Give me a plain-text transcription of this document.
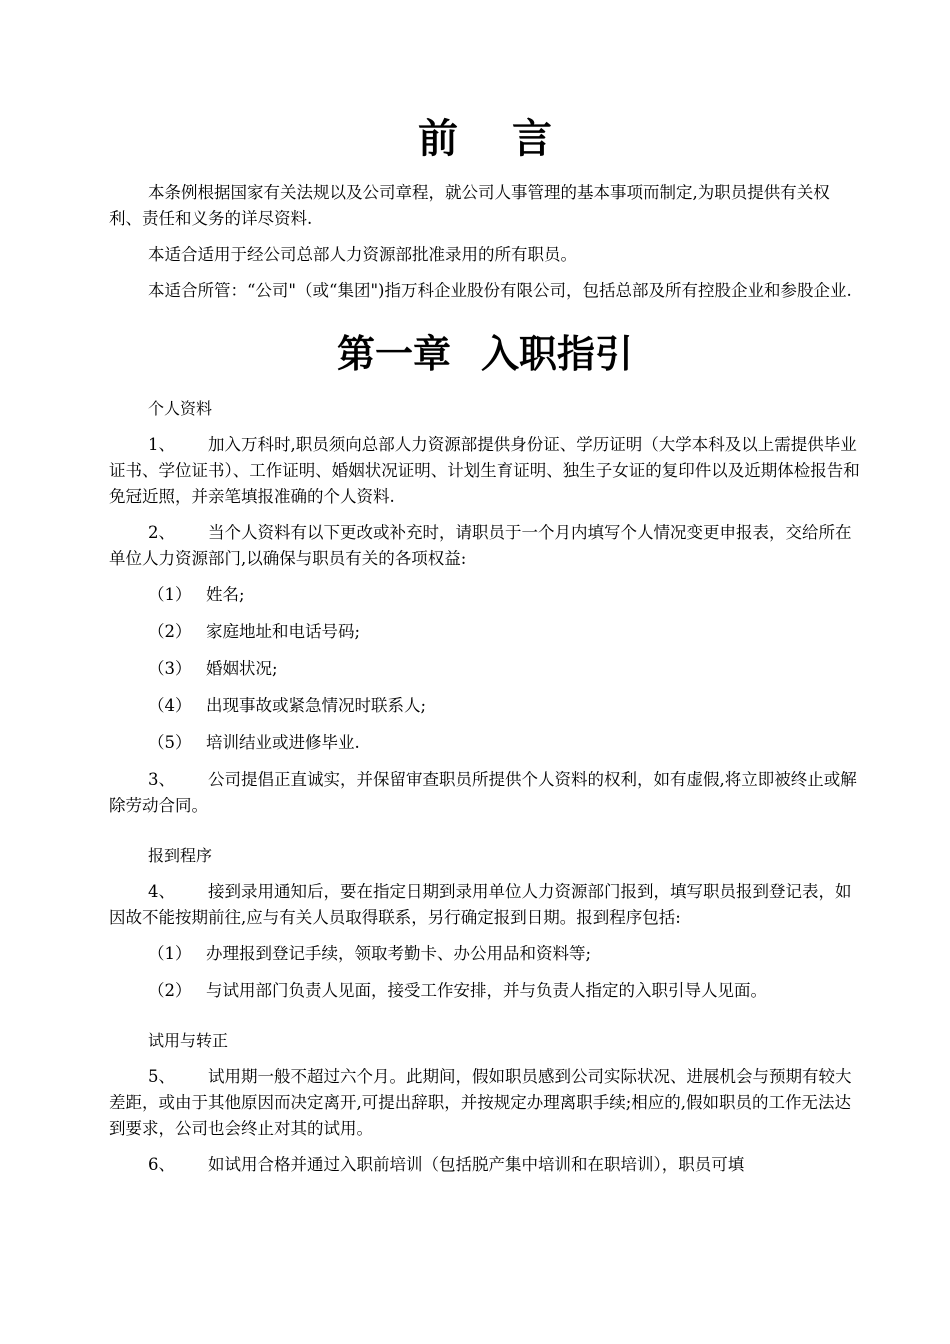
前 言

本条例根据国家有关法规以及公司章程，就公司人事管理的基本事项而制定,为职员提供有关权利、责任和义务的详尽资料.

本适合适用于经公司总部人力资源部批准录用的所有职员。

本适合所管：“公司"（或“集团")指万科企业股份有限公司，包括总部及所有控股企业和参股企业.

第一章 入职指引

个人资料

1、 加入万科时,职员须向总部人力资源部提供身份证、学历证明（大学本科及以上需提供毕业证书、学位证书）、工作证明、婚姻状况证明、计划生育证明、独生子女证的复印件以及近期体检报告和免冠近照，并亲笔填报准确的个人资料.

2、 当个人资料有以下更改或补充时，请职员于一个月内填写个人情况变更申报表，交给所在单位人力资源部门,以确保与职员有关的各项权益:

（1） 姓名;

（2） 家庭地址和电话号码;

（3） 婚姻状况;

（4） 出现事故或紧急情况时联系人;

（5） 培训结业或进修毕业.

3、 公司提倡正直诚实，并保留审查职员所提供个人资料的权利，如有虚假,将立即被终止或解除劳动合同。

报到程序

4、 接到录用通知后，要在指定日期到录用单位人力资源部门报到，填写职员报到登记表，如因故不能按期前往,应与有关人员取得联系，另行确定报到日期。报到程序包括:

（1） 办理报到登记手续，领取考勤卡、办公用品和资料等;

（2） 与试用部门负责人见面，接受工作安排，并与负责人指定的入职引导人见面。

试用与转正

5、 试用期一般不超过六个月。此期间，假如职员感到公司实际状况、进展机会与预期有较大差距，或由于其他原因而决定离开,可提出辞职，并按规定办理离职手续;相应的,假如职员的工作无法达到要求，公司也会终止对其的试用。

6、 如试用合格并通过入职前培训（包括脱产集中培训和在职培训），职员可填
